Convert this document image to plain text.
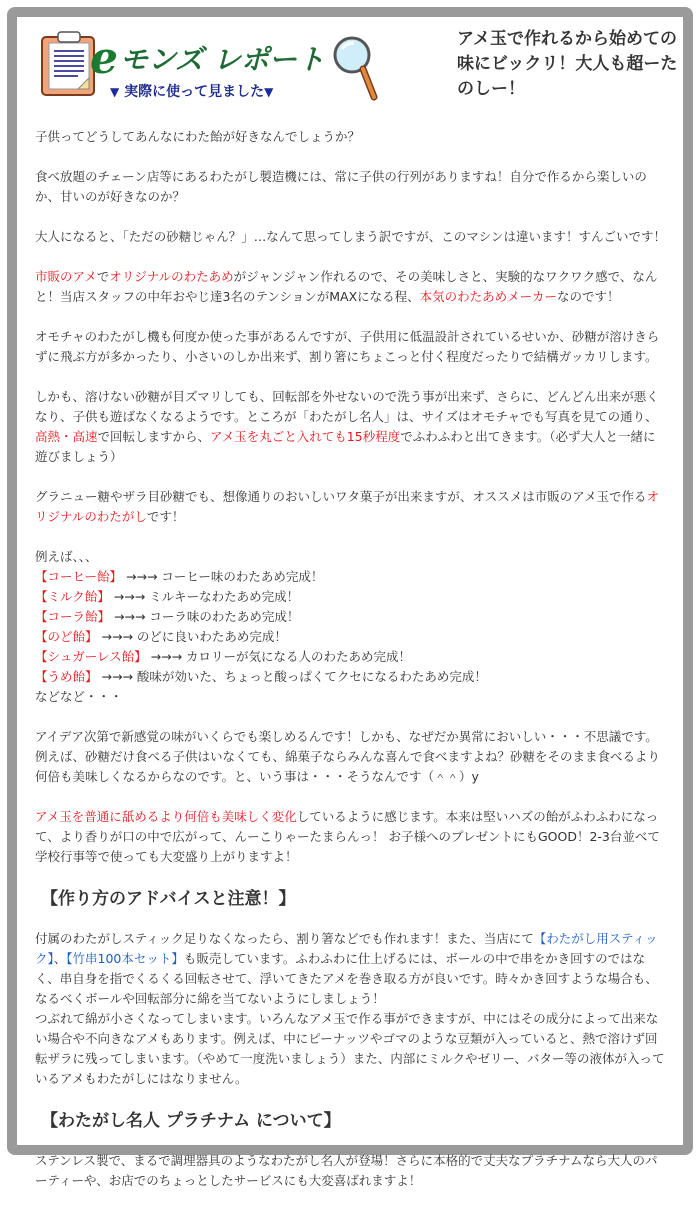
eモンズ レポート
▼ 実際に使って見ました▼
アメ玉で作れるから始めての味にビックリ！大人も超ーたのしー！

子供ってどうしてあんなにわた飴が好きなんでしょうか？

食べ放題のチェーン店等にあるわたがし製造機には、常に子供の行列がありますね！自分で作るから楽しいのか、甘いのが好きなのか？

大人になると、「ただの砂糖じゃん？」…なんて思ってしまう訳ですが、このマシンは違います！すんごいです！

市販のアメでオリジナルのわたあめがジャンジャン作れるので、その美味しさと、実験的なワクワク感で、なんと！当店スタッフの中年おやじ達3名のテンションがMAXになる程、本気のわたあめメーカーなのです！

オモチャのわたがし機も何度か使った事があるんですが、子供用に低温設計されているせいか、砂糖が溶けきらずに飛ぶ方が多かったり、小さいのしか出来ず、割り箸にちょこっと付く程度だったりで結構ガッカリします。

しかも、溶けない砂糖が目ズマリしても、回転部を外せないので洗う事が出来ず、さらに、どんどん出来が悪くなり、子供も遊ばなくなるようです。ところが「わたがし名人」は、サイズはオモチャでも写真を見ての通り、高熱・高速で回転しますから、アメ玉を丸ごと入れても15秒程度でふわふわと出てきます。（必ず大人と一緒に遊びましょう）

グラニュー糖やザラ目砂糖でも、想像通りのおいしいワタ菓子が出来ますが、オススメは市販のアメ玉で作るオリジナルのわたがしです！

例えば、、、
【コーヒー飴】 →→→ コーヒー味のわたあめ完成！
【ミルク飴】 →→→ ミルキーなわたあめ完成！
【コーラ飴】 →→→ コーラ味のわたあめ完成！
【のど飴】 →→→ のどに良いわたあめ完成！
【シュガーレス飴】 →→→ カロリーが気になる人のわたあめ完成！
【うめ飴】 →→→ 酸味が効いた、ちょっと酸っぱくてクセになるわたあめ完成！
などなど・・・

アイデア次第で新感覚の味がいくらでも楽しめるんです！しかも、なぜだか異常においしい・・・不思議です。例えば、砂糖だけ食べる子供はいなくても、綿菓子ならみんな喜んで食べますよね？砂糖をそのまま食べるより何倍も美味しくなるからなのです。と、いう事は・・・そうなんです（＾＾）y

アメ玉を普通に舐めるより何倍も美味しく変化しているように感じます。本来は堅いハズの飴がふわふわになって、より香りが口の中で広がって、んーこりゃーたまらんっ！ お子様へのプレゼントにもGOOD！2-3台並べて学校行事等で使っても大変盛り上がりますよ！

【作り方のアドバイスと注意！】

付属のわたがしスティック足りなくなったら、割り箸などでも作れます！また、当店にて【わたがし用スティック】、【竹串100本セット】も販売しています。ふわふわに仕上げるには、ボールの中で串をかき回すのではなく、串自身を指でくるくる回転させて、浮いてきたアメを巻き取る方が良いです。時々かき回すような場合も、なるべくボールや回転部分に綿を当てないようにしましょう！

つぶれて綿が小さくなってしまいます。いろんなアメ玉で作る事ができますが、中にはその成分によって出来ない場合や不向きなアメもあります。例えば、中にピーナッツやゴマのような豆類が入っていると、熱で溶けず回転ザラに残ってしまいます。（やめて一度洗いましょう）また、内部にミルクやゼリー、バター等の液体が入っているアメもわたがしにはなりません。

【わたがし名人 プラチナム について】

ステンレス製で、まるで調理器具のようなわたがし名人が登場！さらに本格的で丈夫なプラチナムなら大人のパーティーや、お店でのちょっとしたサービスにも大変喜ばれますよ！
